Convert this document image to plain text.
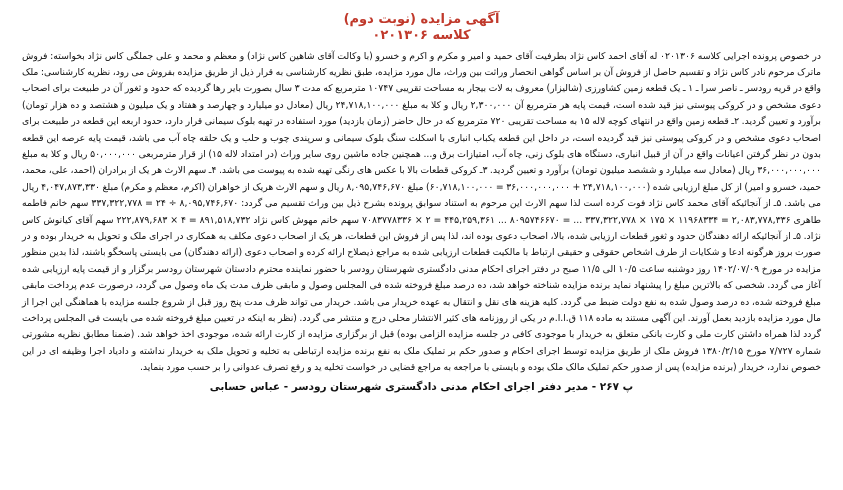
آگهی مزایده (نوبت دوم)

کلاسه ۰۲۰۱۳۰۶

در خصوص پرونده اجرایی کلاسه ۰۲۰۱۳۰۶ له آقای احمد کاس نژاد بطرفیت آقای حمید و امیر و مکرم و اکرم و خسرو (با وکالت آقای شاهین کاس نژاد) و معظم و محمد و علی جملگی کاس نژاد بخواسته: فروش ماترک مرحوم نادر کاس نژاد و تقسیم حاصل از فروش آن بر اساس گواهی انحصار وراثت بین وراث، مال مورد مزایده، طبق نظریه کارشناسی به قرار ذیل از طریق مزایده بفروش می رود، نظریه کارشناسی: ملک واقع در قریه رودسر ـ ناصر سرا ـ ۱ ـ یک قطعه زمین کشاورزی (شالیزار) معروف به لات بیجار به مساحت تقریبی ۱۰۷۴۷ مترمربع که مدت ۳ سال بصورت بایر رها گردیده که حدود و ثغور آن در طبیعت برای اصحاب دعوی مشخص و در کروکی پیوستی نیز قید شده است، قیمت پایه هر مترمربع آن ۲,۳۰۰,۰۰۰ ریال و کلا به مبلغ ۲۴,۷۱۸,۱۰۰,۰۰۰ ریال (معادل دو میلیارد و چهارصد و هفتاد و یک میلیون و هشتصد و ده هزار تومان) برآورد و تعیین گردید. ۲ـ قطعه زمین واقع در انتهای کوچه لاله ۱۵ به مساحت تقریبی ۷۲۰ مترمربع که در حال حاضر (زمان بازدید) مورد استفاده در تهیه بلوک سیمانی قرار دارد، حدود اربعه این قطعه در طبیعت برای اصحاب دعوی مشخص و در کروکی پیوستی نیز قید گردیده است، در داخل این قطعه یکباب انباری با اسکلت سنگ بلوک سیمانی و سرپندی چوب و حلب و یک حلقه چاه آب می باشد، قیمت پایه عرصه این قطعه بدون در نظر گرفتن اعیانات واقع در آن از قبیل انباری، دستگاه های بلوک زنی، چاه آب، امتیازات برق و... همچنین جاده ماشین روی سایر وراث (در امتداد لاله ۱۵) از قرار مترمربعی ۵۰,۰۰۰,۰۰۰ ریال و کلا به مبلغ ۳۶,۰۰۰,۰۰۰,۰۰۰ ریال (معادل سه میلیارد و ششصد میلیون تومان) برآورد و تعیین گردید. ۳ـ کروکی قطعات بالا با عکس های رنگی تهیه شده به پیوست می باشد. ۴ـ سهم الارث هر یک از برادران (احمد، علی، محمد، حمید، خسرو و امیر) از کل مبلغ ارزیابی شده (۲۴,۷۱۸,۱۰۰,۰۰۰ + ۳۶,۰۰۰,۰۰۰,۰۰۰ = ۶۰,۷۱۸,۱۰۰,۰۰۰) مبلغ ۸,۰۹۵,۷۴۶,۶۷۰ ریال و سهم الارث هریک از خواهران (اکرم، معظم و مکرم) مبلغ ۴,۰۴۷,۸۷۳,۳۳۰ ریال می باشد. ۵ـ از آنجائیکه آقای محمد کاس نژاد فوت کرده است لذا سهم الارث این مرحوم به استناد سوابق پرونده بشرح ذیل بین وراث تقسیم می گردد: ۸,۰۹۵,۷۴۶,۶۷۰ ÷ ۲۴ = ۳۳۷,۳۲۲,۷۷۸ سهم خانم فاطمه طاهری ۲,۰۸۳,۷۷۸,۳۳۶ = ۱۱۹۶۸۳۳۴ × ۱۷۵ × ۳۳۷,۳۲۲,۷۷۸ ... = ۸۰۹۵۷۴۶۶۷۰ ... ۴۴۵,۲۵۹,۳۶۱ = ۲ × ۷۰۸۳۷۷۸۳۳۶ سهم خانم مهوش کاس نژاد ۸۹۱,۵۱۸,۷۳۲ = ۴ × ۲۲۲,۸۷۹,۶۸۳ سهم آقای کیانوش کاس نژاد. ۵ـ از آنجائیکه ارائه دهندگان حدود و ثغور قطعات ارزیابی شده، بالا، اصحاب دعوی بوده اند، لذا پس از فروش این قطعات، هر یک از اصحاب دعوی مکلف به همکاری در اجرای ملک و تحویل به خریدار بوده و در صورت بروز هرگونه ادعا و شکایات از طرف اشخاص حقوقی و حقیقی ارتباط با مالکیت قطعات ارزیابی شده به مراجع ذیصلاح ارائه کرده و اصحاب دعوی (ارائه دهندگان) می بایستی پاسخگو باشند، لذا بدین منظور مزایده در مورخ ۱۴۰۲/۰۷/۰۹ روز دوشنبه ساعت ۱۰/۵ الی ۱۱/۵ صبح در دفتر اجرای احکام مدنی دادگستری شهرستان رودسر با حضور نماینده محترم دادستان شهرستان رودسر برگزار و از قیمت پایه ارزیابی شده آغاز می گردد. شخصی که بالاترین مبلغ را پیشنهاد نماید برنده مزایده شناخته خواهد شد، ده درصد مبلغ فروخته شده فی المجلس وصول و مابقی ظرف مدت یک ماه وصول می گردد، درصورت عدم پرداخت مابقی مبلغ فروخته شده، ده درصد وصول شده به نفع دولت ضبط می گردد. کلیه هزینه های نقل و انتقال به عهده خریدار می باشد. خریدار می تواند ظرف مدت پنج روز قبل از شروع جلسه مزایده با هماهنگی این اجرا از مال مورد مزایده بازدید بعمل آورند. این آگهی مستند به ماده ۱۱۸ ق.ا.ا.م در یکی از روزنامه های کثیر الانتشار محلی درج و منتشر می گردد. (نظر به اینکه در تعیین مبلغ فروخته شده می بایست فی المجلس پرداخت گردد لذا همراه داشتن کارت ملی و کارت بانکی متعلق به خریدار با موجودی کافی در جلسه مزایده الزامی بوده) قبل از برگزاری مزایده از کارت ارائه شده، موجودی اخذ خواهد شد. (ضمنا مطابق نظریه مشورتی شماره ۷/۷۲۷ مورخ ۱۳۸۰/۲/۱۵ فروش ملک از طریق مزایده توسط اجرای احکام و صدور حکم بر تملیک ملک به نفع برنده مزایده ارتباطی به تخلیه و تحویل ملک به خریدار نداشته و دادیاد اجرا وظیفه ای در این خصوص ندارد، خریدار (برنده مزایده) پس از صدور حکم تملیک مالک ملک بوده و بایستی با مراجعه به مراجع قضایی در خواست تخلیه ید و رفع تصرف عدوانی را بر حسب مورد بنماید.

پ ۲۶۷ - مدیر دفتر اجرای احکام مدنی دادگستری شهرستان رودسر - عباس حسابی
